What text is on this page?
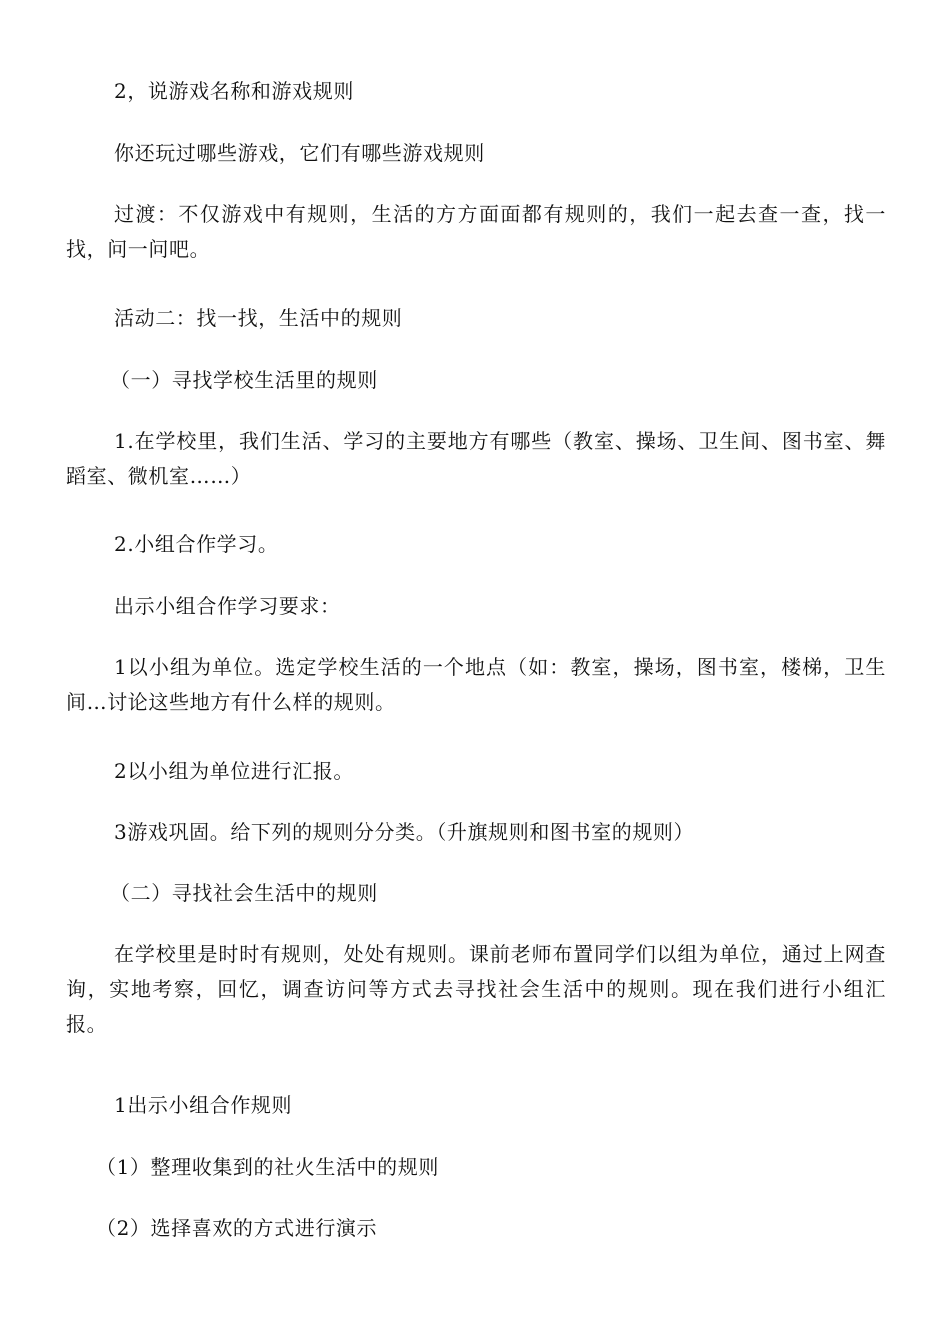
2，说游戏名称和游戏规则

你还玩过哪些游戏，它们有哪些游戏规则

过渡：不仅游戏中有规则，生活的方方面面都有规则的，我们一起去查一查，找一找，问一问吧。

活动二：找一找，生活中的规则

（一）寻找学校生活里的规则

1.在学校里，我们生活、学习的主要地方有哪些（教室、操场、卫生间、图书室、舞蹈室、微机室……）

2.小组合作学习。

出示小组合作学习要求：

1以小组为单位。选定学校生活的一个地点（如：教室，操场，图书室，楼梯，卫生间…讨论这些地方有什么样的规则。

2以小组为单位进行汇报。

3游戏巩固。给下列的规则分分类。（升旗规则和图书室的规则）

（二）寻找社会生活中的规则

在学校里是时时有规则，处处有规则。课前老师布置同学们以组为单位，通过上网查询，实地考察，回忆，调查访问等方式去寻找社会生活中的规则。现在我们进行小组汇报。

1出示小组合作规则

（1）整理收集到的社火生活中的规则

（2）选择喜欢的方式进行演示
